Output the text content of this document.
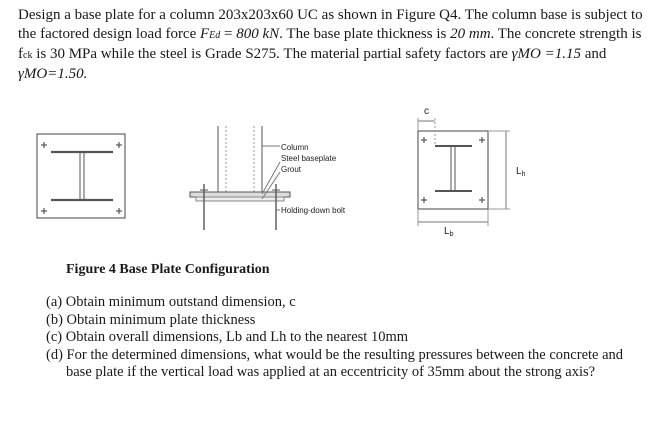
Design a base plate for a column 203x203x60 UC as shown in Figure Q4. The column base is subject to the factored design load force FEd = 800 kN. The base plate thickness is 20 mm. The concrete strength is fck is 30 MPa while the steel is Grade S275. The material partial safety factors are γMO =1.15 and γMO=1.50.

Column
Steel baseplate
Grout
Holding-down bolt
c
$L_b$
$L_h$

Figure 4 Base Plate Configuration

(a) Obtain minimum outstand dimension, c
(b) Obtain minimum plate thickness
(c) Obtain overall dimensions, Lb and Lh to the nearest 10mm
(d) For the determined dimensions, what would be the resulting pressures between the concrete and base plate if the vertical load was applied at an eccentricity of 35mm about the strong axis?
